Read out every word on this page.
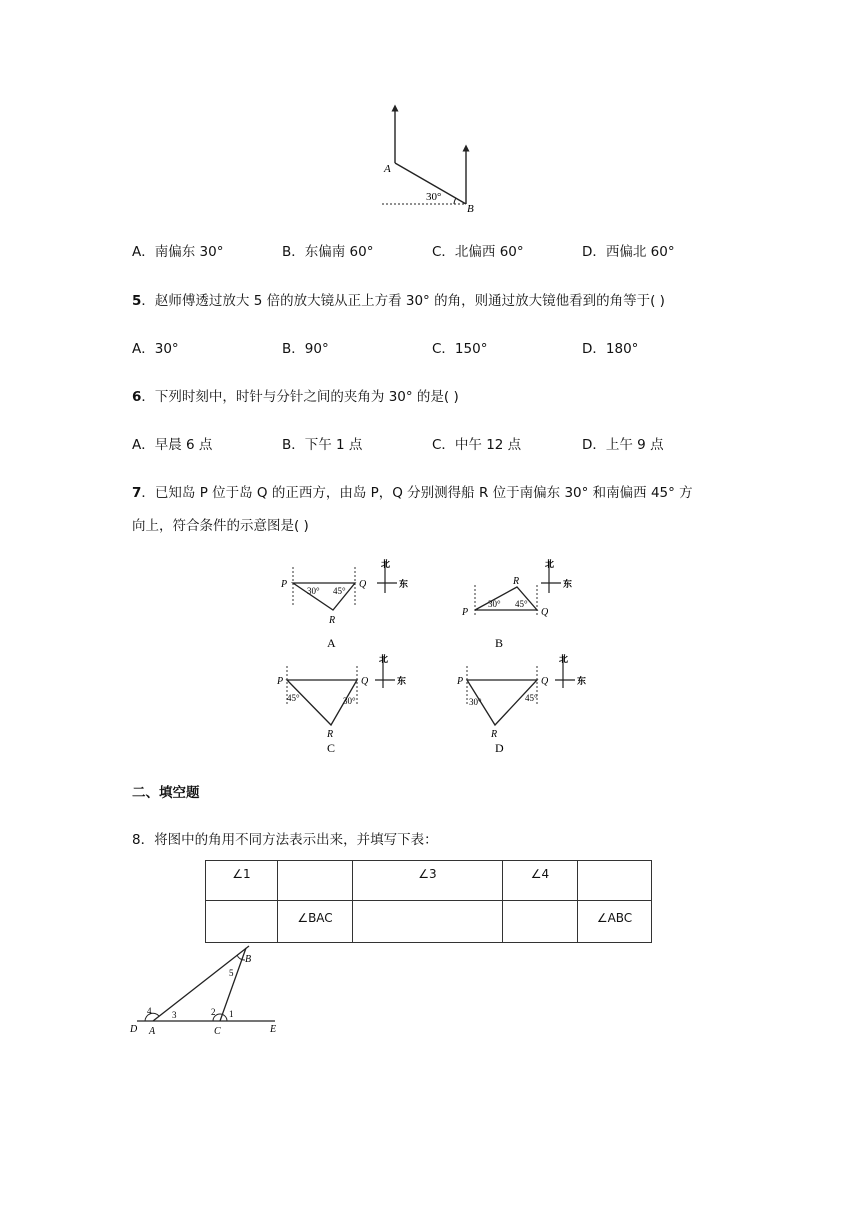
A
B
30°
A．南偏东 30°	B．东偏南 60°	C．北偏西 60°	D．西偏北 60°
5．赵师傅透过放大 5 倍的放大镜从正上方看 30° 的角，则通过放大镜他看到的角等于( )
A．30°	B．90°	C．150°	D．180°
6．下列时刻中，时针与分针之间的夹角为 30° 的是( )
A．早晨 6 点	B．下午 1 点	C．中午 12 点	D．上午 9 点
7．已知岛 P 位于岛 Q 的正西方，由岛 P，Q 分别测得船 R 位于南偏东 30° 和南偏西 45° 方
向上，符合条件的示意图是( )
P	Q
R
30° 45°
北
东
A
P	Q
R
30° 45°
北
东
B
P	Q
R
45°	30°
北
东
C
P	Q
R
30°	45°
北
东
D
二、填空题
8．将图中的角用不同方法表示出来，并填写下表：
∠1		∠3	∠4	
	∠BAC			∠ABC
B
A	C
D	E
1
2
3
4
5
